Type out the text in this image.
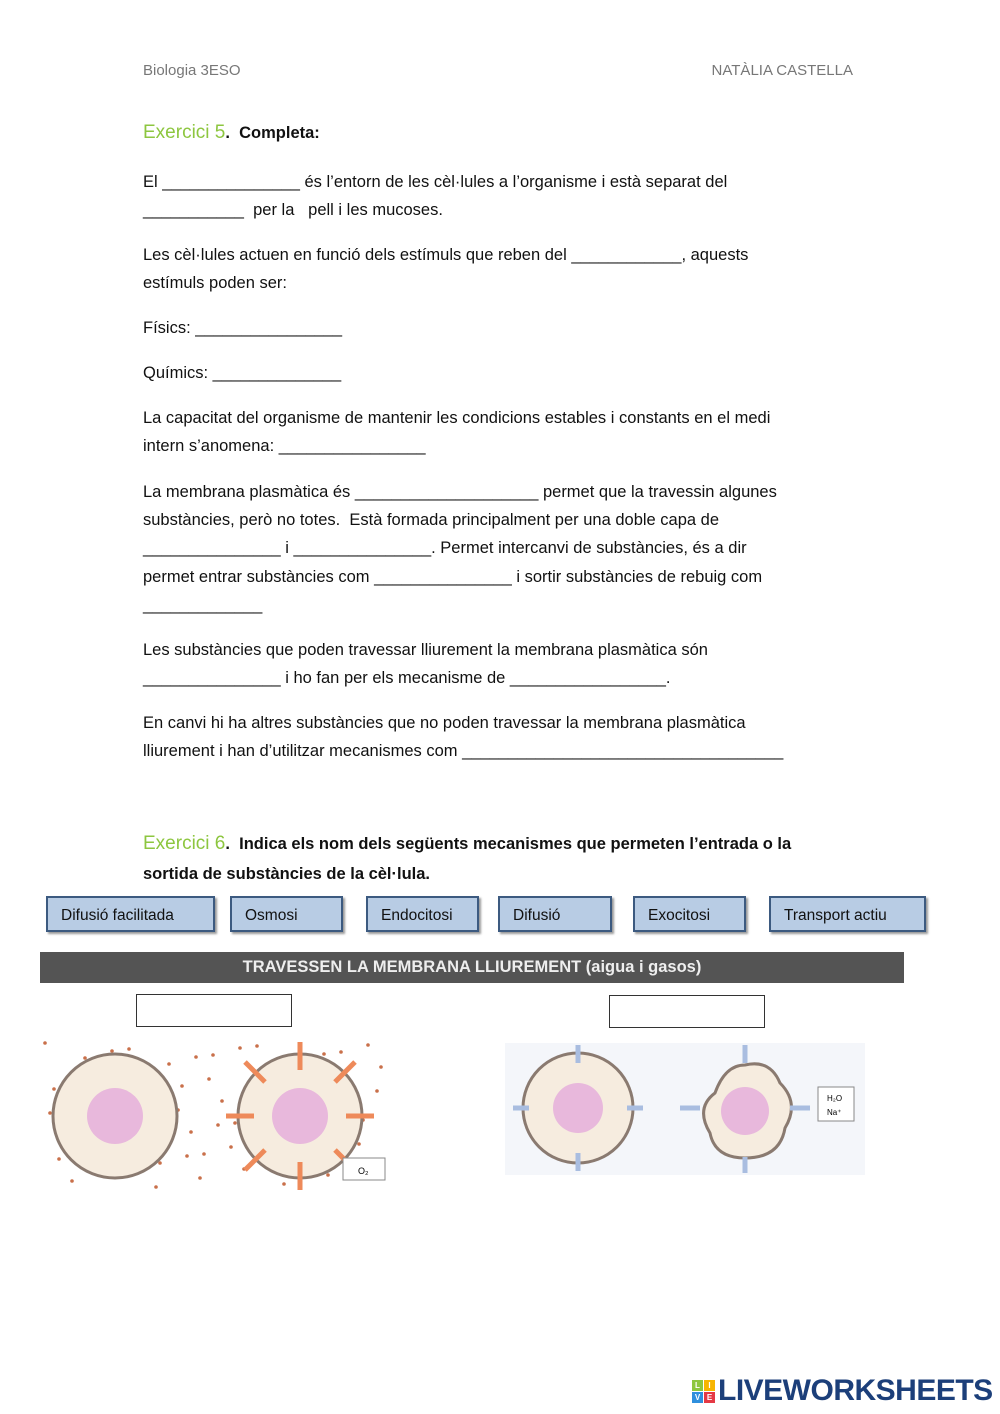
Biologia 3ESO	NATÀLIA CASTELLA
Exercici 5.  Completa:
El _______________ és l’entorn de les cèl·lules a l’organisme i està separat del
___________  per la   pell i les mucoses.
Les cèl·lules actuen en funció dels estímuls que reben del ____________, aquests
estímuls poden ser:
Físics: ________________
Químics: ______________
La capacitat del organisme de mantenir les condicions estables i constants en el medi
intern s’anomena: ________________
La membrana plasmàtica és ____________________ permet que la travessin algunes
substàncies, però no totes.  Està formada principalment per una doble capa de
_______________ i _______________. Permet intercanvi de substàncies, és a dir
permet entrar substàncies com _______________ i sortir substàncies de rebuig com
_____________
Les substàncies que poden travessar lliurement la membrana plasmàtica són
_______________ i ho fan per els mecanisme de _________________.
En canvi hi ha altres substàncies que no poden travessar la membrana plasmàtica
lliurement i han d’utilitzar mecanismes com ___________________________________
Exercici 6.  Indica els nom dels següents mecanismes que permeten l’entrada o la
sortida de substàncies de la cèl·lula.
Difusió facilitada	Osmosi	Endocitosi	Difusió	Exocitosi	Transport actiu
TRAVESSEN LA MEMBRANA LLIUREMENT (aigua i gasos)
O₂
H₂O
Na⁺
L	I
V E LIVEWORKSHEETS
